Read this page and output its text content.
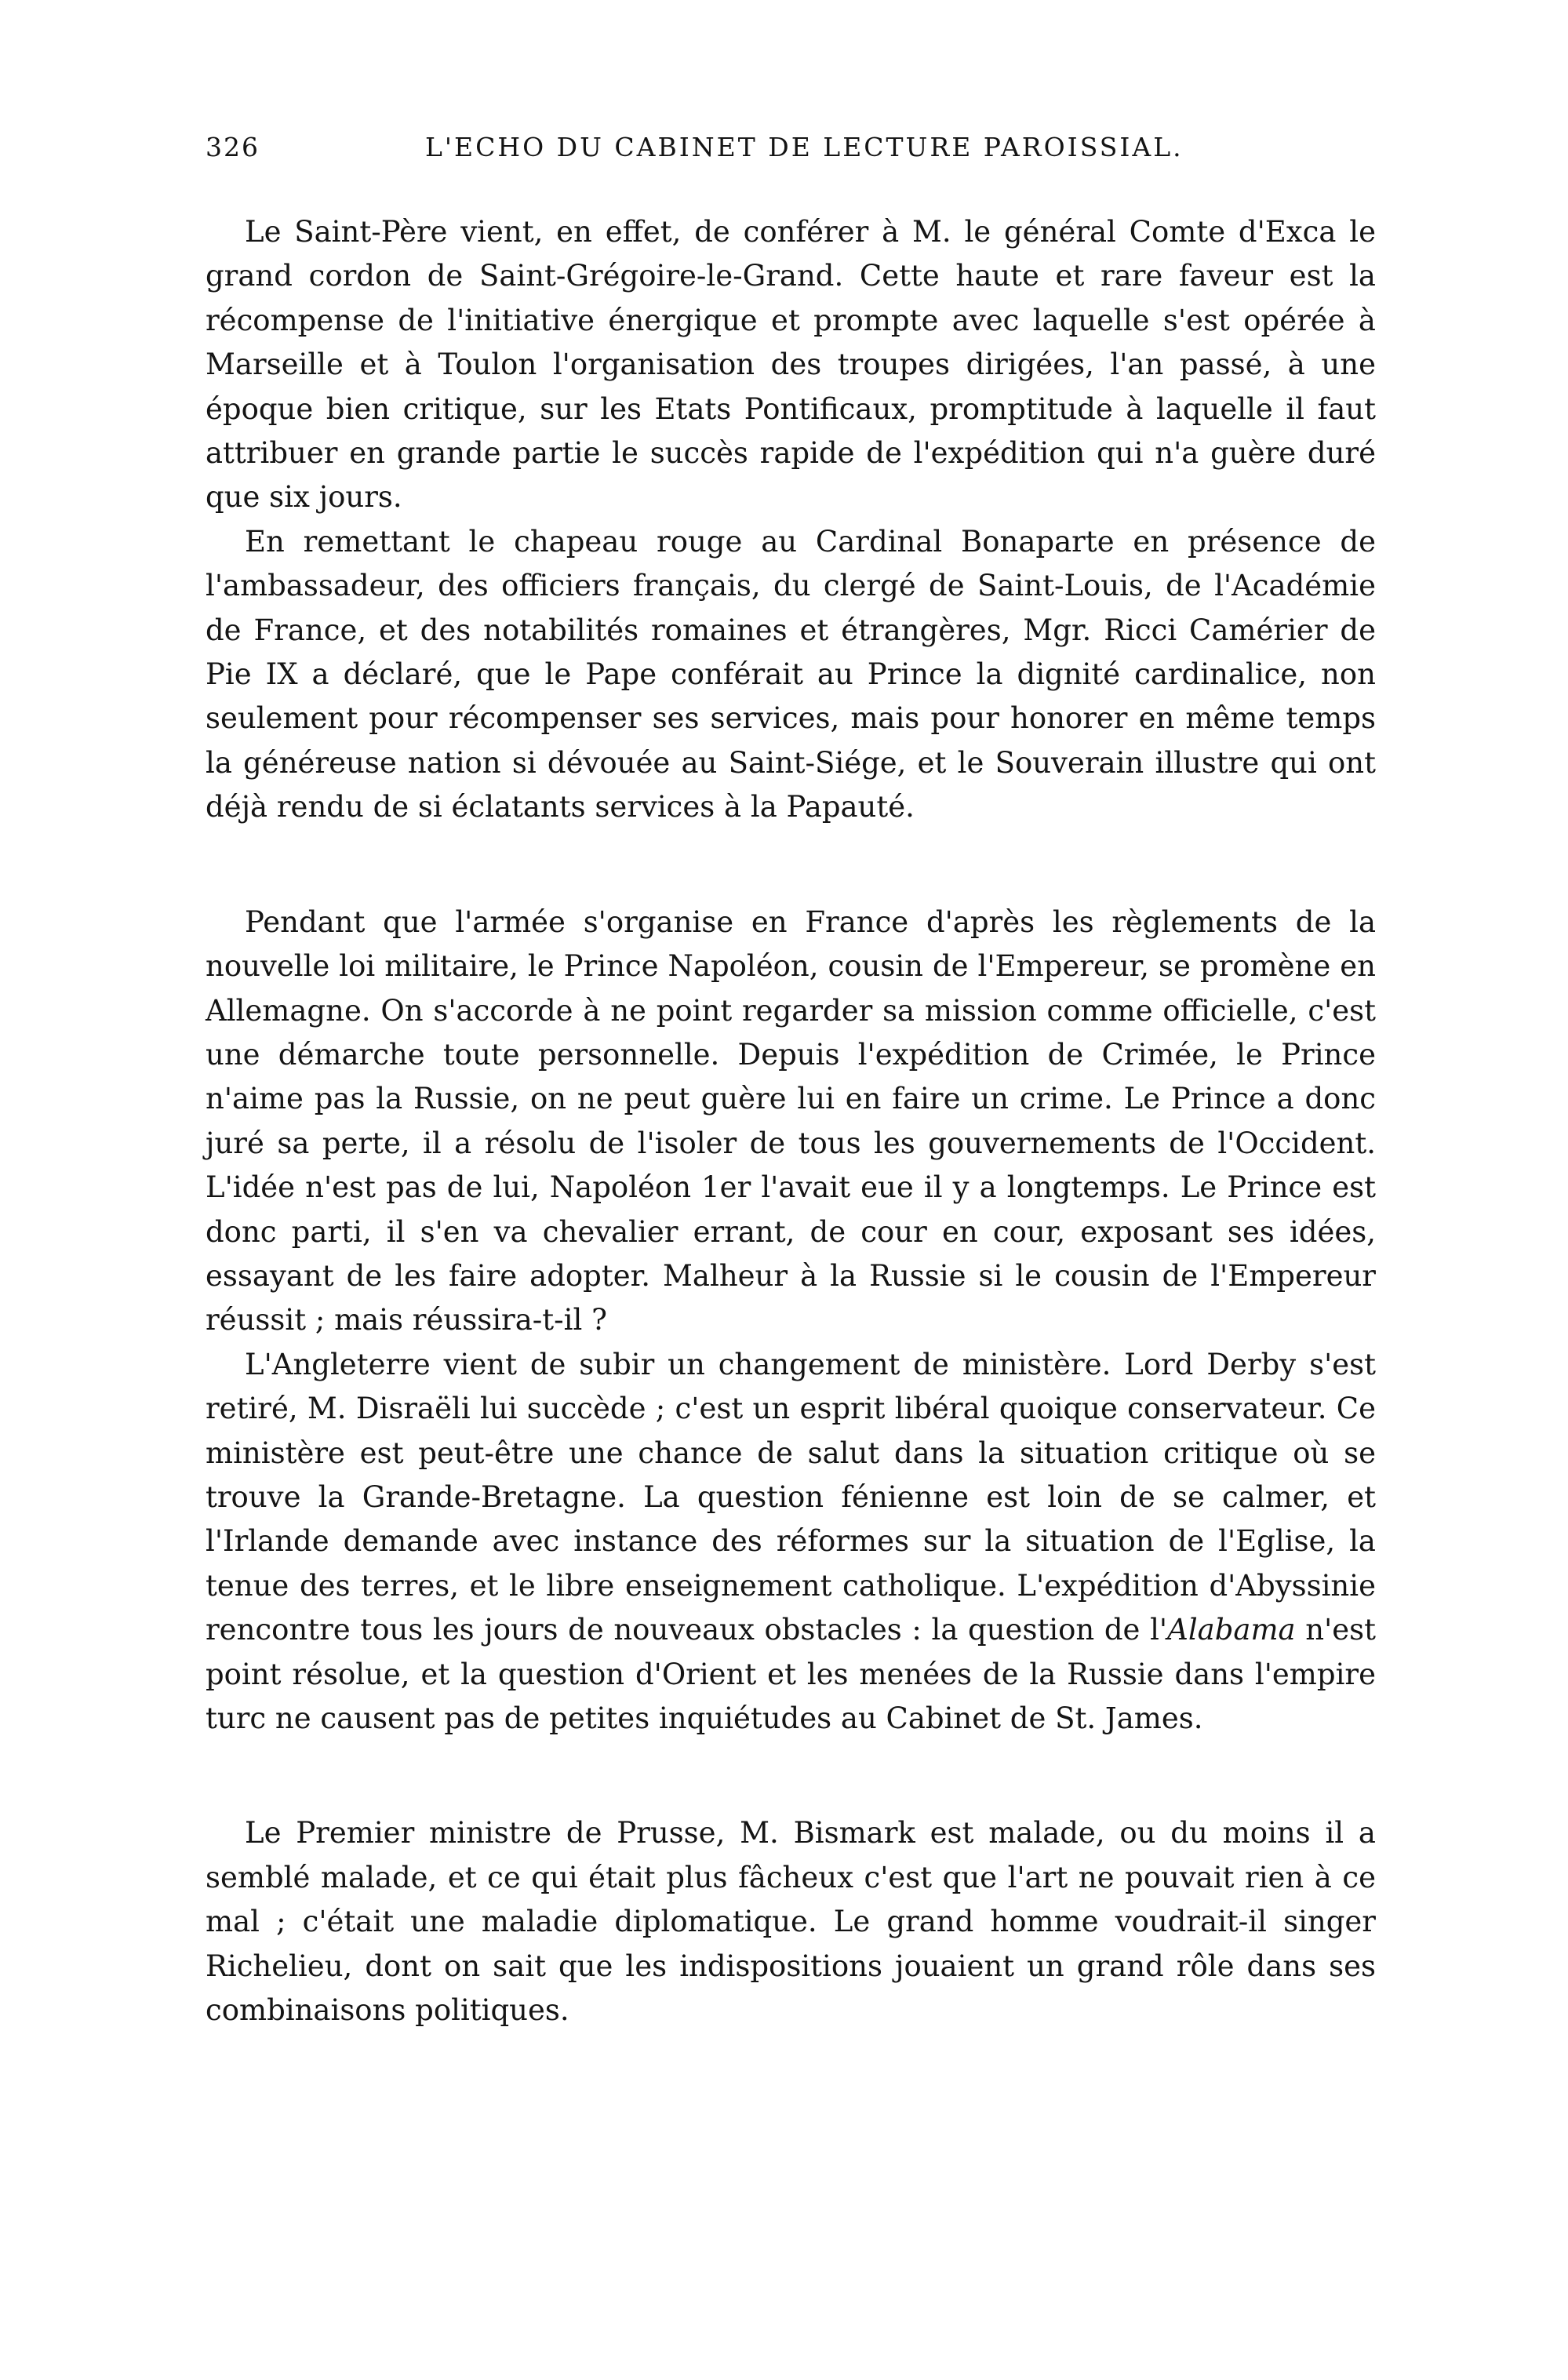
326	L'ECHO DU CABINET DE LECTURE PAROISSIAL.

Le Saint-Père vient, en effet, de conférer à M. le général Comte d'Exca le grand cordon de Saint-Grégoire-le-Grand. Cette haute et rare faveur est la récompense de l'initiative énergique et prompte avec laquelle s'est opérée à Marseille et à Toulon l'organisation des troupes dirigées, l'an passé, à une époque bien critique, sur les Etats Pontificaux, promptitude à laquelle il faut attribuer en grande partie le succès rapide de l'expédition qui n'a guère duré que six jours.

En remettant le chapeau rouge au Cardinal Bonaparte en présence de l'ambassadeur, des officiers français, du clergé de Saint-Louis, de l'Académie de France, et des notabilités romaines et étrangères, Mgr. Ricci Camérier de Pie IX a déclaré, que le Pape conférait au Prince la dignité cardinalice, non seulement pour récompenser ses services, mais pour honorer en même temps la généreuse nation si dévouée au Saint-Siége, et le Souverain illustre qui ont déjà rendu de si éclatants services à la Papauté.

Pendant que l'armée s'organise en France d'après les règlements de la nouvelle loi militaire, le Prince Napoléon, cousin de l'Empereur, se promène en Allemagne. On s'accorde à ne point regarder sa mission comme officielle, c'est une démarche toute personnelle. Depuis l'expédition de Crimée, le Prince n'aime pas la Russie, on ne peut guère lui en faire un crime. Le Prince a donc juré sa perte, il a résolu de l'isoler de tous les gouvernements de l'Occident. L'idée n'est pas de lui, Napoléon 1er l'avait eue il y a longtemps. Le Prince est donc parti, il s'en va chevalier errant, de cour en cour, exposant ses idées, essayant de les faire adopter. Malheur à la Russie si le cousin de l'Empereur réussit ; mais réussira-t-il ?

L'Angleterre vient de subir un changement de ministère. Lord Derby s'est retiré, M. Disraëli lui succède ; c'est un esprit libéral quoique conservateur. Ce ministère est peut-être une chance de salut dans la situation critique où se trouve la Grande-Bretagne. La question fénienne est loin de se calmer, et l'Irlande demande avec instance des réformes sur la situation de l'Eglise, la tenue des terres, et le libre enseignement catholique. L'expédition d'Abyssinie rencontre tous les jours de nouveaux obstacles : la question de l'Alabama n'est point résolue, et la question d'Orient et les menées de la Russie dans l'empire turc ne causent pas de petites inquiétudes au Cabinet de St. James.

Le Premier ministre de Prusse, M. Bismark est malade, ou du moins il a semblé malade, et ce qui était plus fâcheux c'est que l'art ne pouvait rien à ce mal ; c'était une maladie diplomatique. Le grand homme voudrait-il singer Richelieu, dont on sait que les indispositions jouaient un grand rôle dans ses combinaisons politiques.
